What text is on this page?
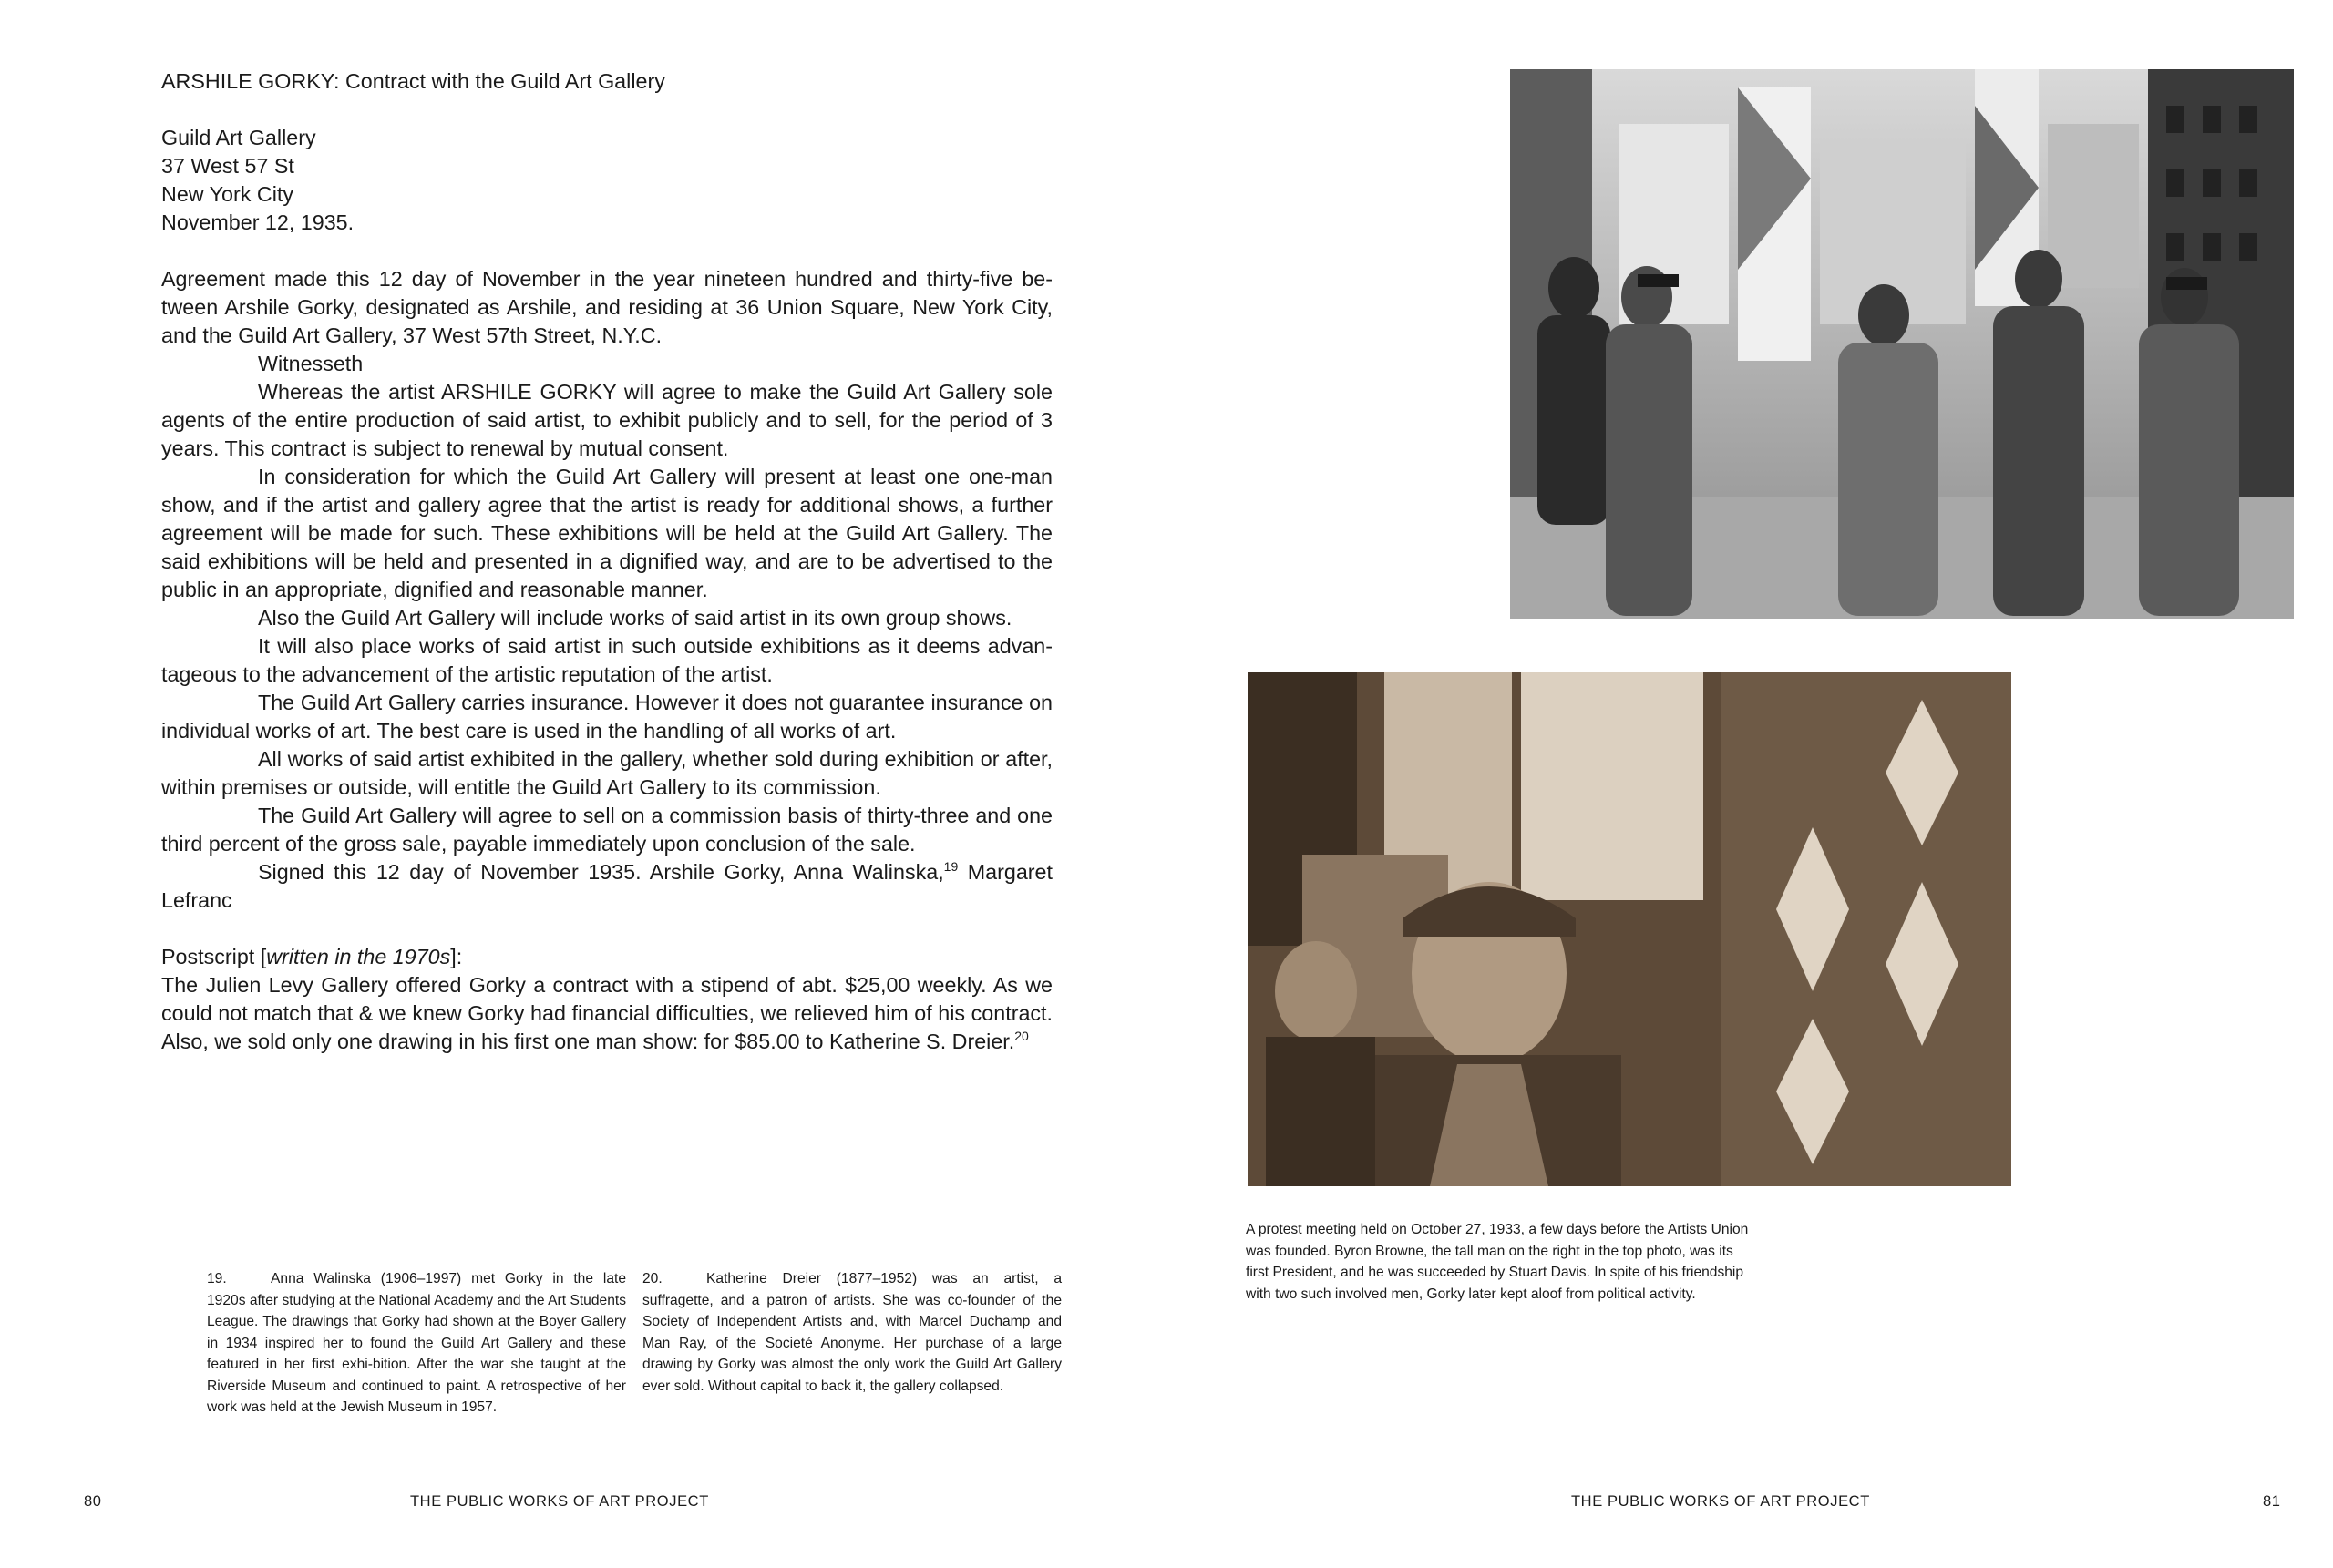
ARSHILE GORKY: Contract with the Guild Art Gallery

Guild Art Gallery

37 West 57 St

New York City

November 12, 1935.

Agreement made this 12 day of November in the year nineteen hundred and thirty-five be-tween Arshile Gorky, designated as Arshile, and residing at 36 Union Square, New York City, and the Guild Art Gallery, 37 West 57th Street, N.Y.C.

Witnesseth

Whereas the artist ARSHILE GORKY will agree to make the Guild Art Gallery sole agents of the entire production of said artist, to exhibit publicly and to sell, for the period of 3 years. This contract is subject to renewal by mutual consent.

In consideration for which the Guild Art Gallery will present at least one one-man show, and if the artist and gallery agree that the artist is ready for additional shows, a further agreement will be made for such. These exhibitions will be held at the Guild Art Gallery. The said exhibitions will be held and presented in a dignified way, and are to be advertised to the public in an appropriate, dignified and reasonable manner.

Also the Guild Art Gallery will include works of said artist in its own group shows.

It will also place works of said artist in such outside exhibitions as it deems advan-tageous to the advancement of the artistic reputation of the artist.

The Guild Art Gallery carries insurance. However it does not guarantee insurance on individual works of art. The best care is used in the handling of all works of art.

All works of said artist exhibited in the gallery, whether sold during exhibition or after, within premises or outside, will entitle the Guild Art Gallery to its commission.

The Guild Art Gallery will agree to sell on a commission basis of thirty-three and one third percent of the gross sale, payable immediately upon conclusion of the sale.

Signed this 12 day of November 1935. Arshile Gorky, Anna Walinska,$^{19}$ Margaret Lefranc

Postscript [written in the 1970s]:

The Julien Levy Gallery offered Gorky a contract with a stipend of abt. $25,00 weekly. As we could not match that & we knew Gorky had financial difficulties, we relieved him of his contract. Also, we sold only one drawing in his first one man show: for $85.00 to Katherine S. Dreier.$^{20}$

19.	Anna Walinska (1906–1997) met Gorky in the late 1920s after studying at the National Academy and the Art Students League. The drawings that Gorky had shown at the Boyer Gallery in 1934 inspired her to found the Guild Art Gallery and these featured in her first exhi-bition. After the war she taught at the Riverside Museum and continued to paint. A retrospective of her work was held at the Jewish Museum in 1957.
20.	Katherine Dreier (1877–1952) was an artist, a suffragette, and a patron of artists. She was co-founder of the Society of Independent Artists and, with Marcel Duchamp and Man Ray, of the Societé Anonyme. Her purchase of a large drawing by Gorky was almost the only work the Guild Art Gallery ever sold. Without capital to back it, the gallery collapsed.
80	THE PUBLIC WORKS OF ART PROJECT
A protest meeting held on October 27, 1933, a few days before the Artists Union was founded. Byron Browne, the tall man on the right in the top photo, was its first President, and he was succeeded by Stuart Davis. In spite of his friendship with two such involved men, Gorky later kept aloof from political activity.
THE PUBLIC WORKS OF ART PROJECT	81
